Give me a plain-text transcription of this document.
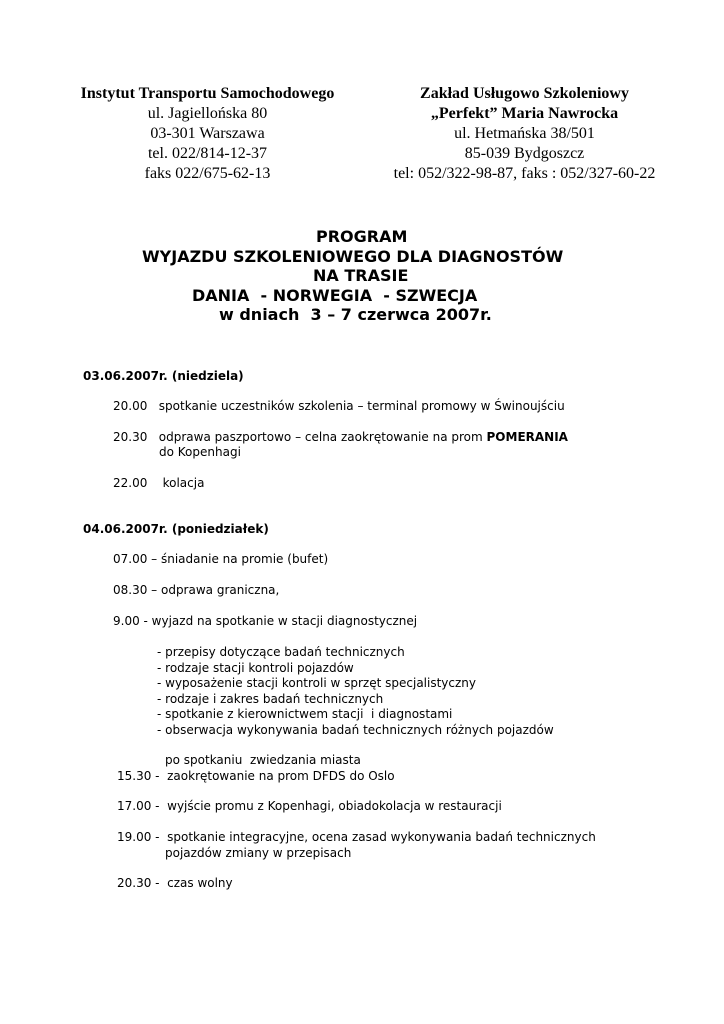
Instytut Transportu Samochodowego
ul. Jagiellońska 80
03-301 Warszawa
tel. 022/814-12-37
faks 022/675-62-13
Zakład Usługowo Szkoleniowy
„Perfekt” Maria Nawrocka
ul. Hetmańska 38/501
85-039 Bydgoszcz
tel: 052/322-98-87, faks : 052/327-60-22
PROGRAM
WYJAZDU SZKOLENIOWEGO DLA DIAGNOSTÓW
NA TRASIE
DANIA  - NORWEGIA  - SZWECJA
w dniach  3 – 7 czerwca 2007r.
03.06.2007r. (niedziela)
20.00   spotkanie uczestników szkolenia – terminal promowy w Świnoujściu
20.30   odprawa paszportowo – celna zaokrętowanie na prom POMERANIA
do Kopenhagi
22.00    kolacja
04.06.2007r. (poniedziałek)
07.00 – śniadanie na promie (bufet)
08.30 – odprawa graniczna,
9.00 - wyjazd na spotkanie w stacji diagnostycznej
- przepisy dotyczące badań technicznych
- rodzaje stacji kontroli pojazdów
- wyposażenie stacji kontroli w sprzęt specjalistyczny
- rodzaje i zakres badań technicznych
- spotkanie z kierownictwem stacji  i diagnostami
- obserwacja wykonywania badań technicznych różnych pojazdów
po spotkaniu  zwiedzania miasta
15.30 -  zaokrętowanie na prom DFDS do Oslo
17.00 -  wyjście promu z Kopenhagi, obiadokolacja w restauracji
19.00 -  spotkanie integracyjne, ocena zasad wykonywania badań technicznych
pojazdów zmiany w przepisach
20.30 -  czas wolny
